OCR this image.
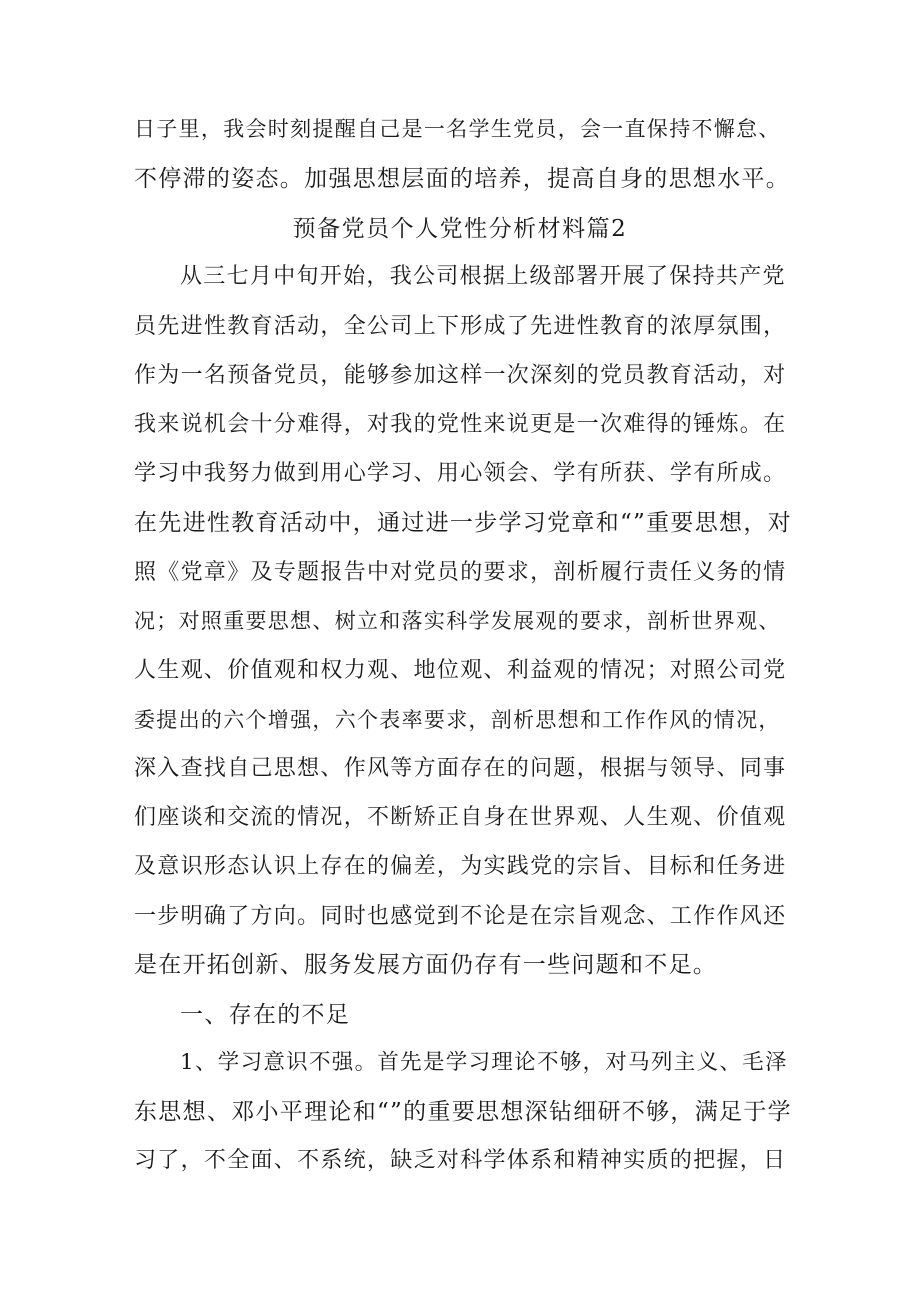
日子里，我会时刻提醒自己是一名学生党员，会一直保持不懈怠、
不停滞的姿态。加强思想层面的培养，提高自身的思想水平。
预备党员个人党性分析材料篇2
从三七月中旬开始，我公司根据上级部署开展了保持共产党
员先进性教育活动，全公司上下形成了先进性教育的浓厚氛围，
作为一名预备党员，能够参加这样一次深刻的党员教育活动，对
我来说机会十分难得，对我的党性来说更是一次难得的锤炼。在
学习中我努力做到用心学习、用心领会、学有所获、学有所成。
在先进性教育活动中，通过进一步学习党章和“”重要思想，对
照《党章》及专题报告中对党员的要求，剖析履行责任义务的情
况；对照重要思想、树立和落实科学发展观的要求，剖析世界观、
人生观、价值观和权力观、地位观、利益观的情况；对照公司党
委提出的六个增强，六个表率要求，剖析思想和工作作风的情况，
深入查找自己思想、作风等方面存在的问题，根据与领导、同事
们座谈和交流的情况，不断矫正自身在世界观、人生观、价值观
及意识形态认识上存在的偏差，为实践党的宗旨、目标和任务进
一步明确了方向。同时也感觉到不论是在宗旨观念、工作作风还
是在开拓创新、服务发展方面仍存有一些问题和不足。
一、存在的不足
1、学习意识不强。首先是学习理论不够，对马列主义、毛泽
东思想、邓小平理论和“”的重要思想深钻细研不够，满足于学
习了，不全面、不系统，缺乏对科学体系和精神实质的把握，日
